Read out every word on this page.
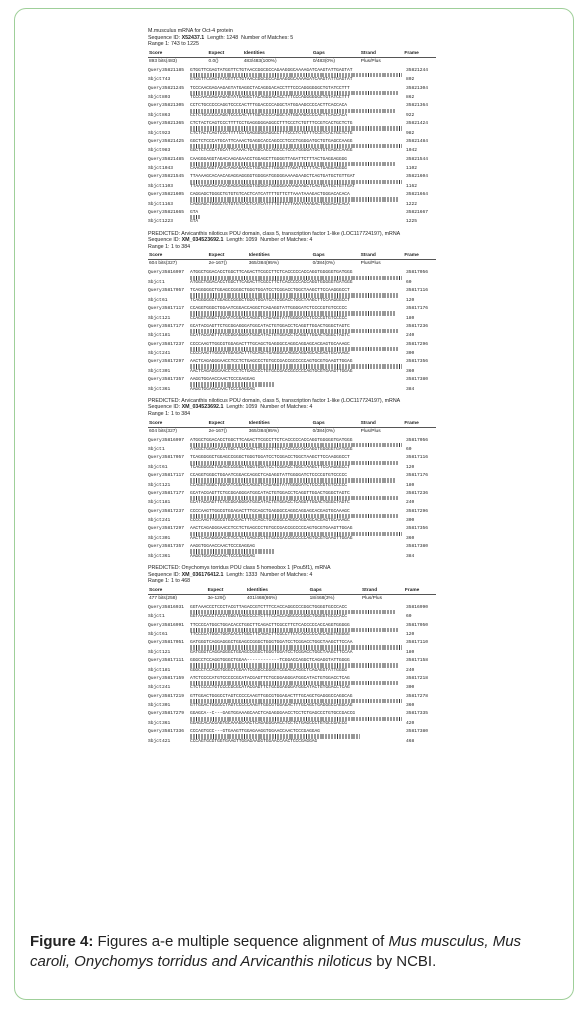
M.musculus mRNA for Oct-4 protein
Sequence ID: X52437.1  Length: 1248  Number of Matches: 5
Range 1: 743 to 1225
Score	Expect	Identities	Gaps	Strand	Frame
893 bits(483)	0.0()	483/483(100%)	0/483(0%)	Plus/Plus	
Query 35821185	GTGGTTCGAGTATGGTTCTGTAACCGGCGCCAGAAGGGCAAAAGATCAAGTATTGAGTAT	35821244
Sbjct 743	GTGGTTCGAGTATGGTTCTGTAACCGGCGCCAGAAGGGCAAAAGATCAAGTATTGAGTAT	802
Query 35821245	TCCCAACGAGAAGAGTATGAGGCTACAGGGACACCTTTCCCAGGGGGGCTGTATCCTTT	35821304
Sbjct 803	TCCCAACGAGAAGAGTATGAGGCTACAGGGACACCTTTCCCAGGGGGGCTGTATCCTTT	862
Query 35821305	CCTCTGCCCCCAGGTCCCCACTTTGGACCCCAGGCTATGGAAGCCCCACTTCACCACA	35821364
Sbjct 863	CCTCTGCCCCCAGGTCCCCACTTTGGACCCCAGGCTATGGAAGCCCCACTTCACCACA	922
Query 35821365	CTCTACTCAGTCCCTTTTCCTGAGGGGGAGGCCTTTCCCTCTGTTTCCGTCACTGCTCTG	35821424
Sbjct 923	CTCTACTCAGTCCCTTTTCCTGAGGGGGAGGCCTTTCCCTCTGTTTCCGTCACTGCTCTG	982
Query 35821425	GGCTCTCCCATGCATTCAAACTGAGGCACCAGCCCTCCCTGGGGATGCTGTGAGCCAAGG	35821484
Sbjct 983	GGCTCTCCCATGCATTCAAACTGAGGCACCAGCCCTCCCTGGGGATGCTGTGAGCCAAGG	1042
Query 35821485	CAAGGGAGGTAGACAAGAGAACCTGGAGCTTGGGGTTAGATTCTTTACTGAGGAGGGG	35821544
Sbjct 1043	CAAGGGAGGTAGACAAGAGAACCTGGAGCTTGGGGTTAGATTCTTTACTGAGGAGGGG	1102
Query 35821545	TTAAAAGCACAACAGAGGAGGGGTGGGGATGGGGGAAAAGAAGCTCAGTGATGCTGTTGAT	35821604
Sbjct 1103	TTAAAAGCACAACAGAGGAGGGGTGGGGATGGGGGAAAAGAAGCTCAGTGATGCTGTTGAT	1162
Query 35821605	CAGGAGCTGGGCTGTGTGTCACTCATCATTTTGTTCTTAAATAAAGACTGGGACACACA	35821664
Sbjct 1163	CAGGAGCTGGGCTGTGTGTCACTCATCATTTTGTTCTTAAATAAAGACTGGGACACACA	1222
Query 35821665	GTA	35821667
Sbjct 1223	GTA	1225
PREDICTED: Arvicanthis niloticus POU domain, class 5, transcription factor 1-like (LOC117724197), mRNA
Sequence ID: XM_034523692.1  Length: 1059  Number of Matches: 4
Range 1: 1 to 384
Score	Expect	Identities	Gaps	Strand	Frame
604 bits(327)	2e-167()	365/384(95%)	0/384(0%)	Plus/Plus	
Query 35816997	ATGGCTGGACACCTGGCTTCAGACTTCGCCTTCTCACCCCCACCAGGTGGGGGTGATGGG	35817056
Sbjct 1	ATGGCTGGACACCTGGCTTCAGACTTCGCCTTCTCACCCCCACCAGGTGGGGGTGATGGG	60
Query 35817057	TCAGGGGGCTGGAGCCGGGCTGGGTGGATCCTCGGACCTGGCTAAGCTTCCAAGGGCCT	35817116
Sbjct 61	TCAGGGGGCTGGAGCCGGGCTGGGTGGATCCTCGGACCTGGCTAAGCTTCCAAGGGCCT	120
Query 35817117	CCAGGTGGGCTGGAATCGGACCAGGCTCAGAGGTATTGGGGATCTCCCCGTGTCCCCC	35817176
Sbjct 121	CCAGGTGGGCTGGAATCGGACCAGGCTCAGAGGTATTGGGGATCTCCCCGTGTCCCCC	180
Query 35817177	GCATACGAGTTCTGCGGAGGGATGGCATACTGTGGACCTCAGGTTGGACTGGGCTAGTC	35817236
Sbjct 181	GCATACGAGTTCTGCGGAGGGATGGCATACTGTGGACCTCAGGTTGGACTGGGCTAGTC	240
Query 35817237	CCCCAAGTTGGCGTGGAGACTTTGCAGCTGAGGGCCAGGCAGGAGCACGAGTGCAAAGC	35817296
Sbjct 241	CCCCAAGTTGGCGTGGAGACTTTGCAGCTGAGGGCCAGGCAGGAGCACGAGTGCAAAGC	300
Query 35817297	AACTCAGAGGGAACCTCCTCTGAGCCCTGTGCCGACCGCCCCCAGTGCGTGAAGTTGGAG	35817356
Sbjct 301	AACTCAGAGGGAACCTCCTCTGAGCCCTGTGCCGACCGCCCCCAGTGCGTGAAGTTGGAG	360
Query 35817357	AAGGTGGAACCAACTCCCGAGGAG	35817380
Sbjct 361	AAGGTGGAACCAACTCCCGAGGAG	384
PREDICTED: Arvicanthis niloticus POU domain, class 5, transcription factor 1-like (LOC117724197), mRNA
Sequence ID: XM_034523692.1  Length: 1059  Number of Matches: 4
Range 1: 1 to 384
Score	Expect	Identities	Gaps	Strand	Frame
604 bits(327)	2e-167()	365/384(95%)	0/384(0%)	Plus/Plus	
Query 35816997	ATGGCTGGACACCTGGCTTCAGACTTCGCCTTCTCACCCCCACCAGGTGGGGGTGATGGG	35817056
Sbjct 1	ATGGCTGGACACCTGGCTTCAGACTTCGCCTTCTCACCCCCACCAGGTGGGGGTGATGGG	60
Query 35817057	TCAGGGGGCTGGAGCCGGGCTGGGTGGATCCTCGGACCTGGCTAAGCTTCCAAGGGCCT	35817116
Sbjct 61	TCAGGGGGCTGGAGCCGGGCTGGGTGGATCCTCGGACCTGGCTAAGCTTCCAAGGGCCT	120
Query 35817117	CCAGGTGGGCTGGAATCGGACCAGGCTCAGAGGTATTGGGGATCTCCCCGTGTCCCCC	35817176
Sbjct 121	CCAGGTGGGCTGGAATCGGACCAGGCTCAGAGGTATTGGGGATCTCCCCGTGTCCCCC	180
Query 35817177	GCATACGAGTTCTGCGGAGGGATGGCATACTGTGGACCTCAGGTTGGACTGGGCTAGTC	35817236
Sbjct 181	GCATACGAGTTCTGCGGAGGGATGGCATACTGTGGACCTCAGGTTGGACTGGGCTAGTC	240
Query 35817237	CCCCAAGTTGGCGTGGAGACTTTGCAGCTGAGGGCCAGGCAGGAGCACGAGTGCAAAGC	35817296
Sbjct 241	CCCCAAGTTGGCGTGGAGACTTTGCAGCTGAGGGCCAGGCAGGAGCACGAGTGCAAAGC	300
Query 35817297	AACTCAGAGGGAACCTCCTCTGAGCCCTGTGCCGACCGCCCCCAGTGCGTGAAGTTGGAG	35817356
Sbjct 301	AACTCAGAGGGAACCTCCTCTGAGCCCTGTGCCGACCGCCCCCAGTGCGTGAAGTTGGAG	360
Query 35817357	AAGGTGGAACCAACTCCCGAGGAG	35817380
Sbjct 361	AAGGTGGAACCAACTCCCGAGGAG	384
PREDICTED: Onychomys torridus POU class 5 homeobox 1 (Pou5f1), mRNA
Sequence ID: XM_036176412.1  Length: 1333  Number of Matches: 4
Range 1: 1 to 468
Score	Expect	Identities	Gaps	Strand	Frame
477 bits(258)	3e-129()	401/468(86%)	18/468(3%)	Plus/Plus	
Query 35816931	GGTAAACCCTCCCTACGTTAGACCGTCTTTCCACCAGGCCCCGGCTGGGGTGCCCACC	35816990
Sbjct 1	GGTAAACCCTCCCTGGGTGAGCCCCTCTTTCCACCAGGCCCCGGCTGGGGTGCCCACC	60
Query 35816991	TTCCCCATGGCTGGACACCTGGCTTCAGACTTCGCCTTCTCACCCCCACCAGGTGGGGG	35817050
Sbjct 61	TTCCCCATGGCTGGACACCTGGCTTCAGACTTCGCCTTCTCACCCCCACCAGGTGGGGG	120
Query 35817051	GATGGGTCAGGAGGGCTGGAGCCGGGCTGGGTGGATCCTCGGACCTGGCTAAGCTTCCAA	35817110
Sbjct 121	GATGGGTCAGGAGGGCTGGAGCCGGGCTGGGTGGATCCTCGGACCTGGCTAAGCTTCCAA	180
Query 35817111	GGGCCTCCAGGTGGGCTGGAA------------TCGGACCAGGCTCAGAGGTATTGGGG	35817158
Sbjct 181	GGGCCTCCAGGTGGGCTGGAATCGGGCCGGGGTCGGACCAGGCTCAGAGGTATTGGGG	240
Query 35817159	ATCTCCCCATGTCCCCCGCATACGAGTTCTGCGGAGGGATGGCATACTGTGGACCTCAG	35817218
Sbjct 241	CTCTCCCCTGTCCCCGCGCATACGAGTTCTGCGGAGGGATGGCATACTGTGGACCTCAG	300
Query 35817219	GTTGGACTGGGCCTAGTCCCCCAAGTTGGCGTGGAGACTTTGCAGCTGAGGGCCAGGCAG	35817278
Sbjct 301	GTTGGACTGGGCCTAGTCCCCCAAGTTGGCGTGGAGACTTTGCAGCTGAGGGCCAGGCAG	360
Query 35817279	GGAGCA--C---GAGTGGAAAGCAACTCAGAGGGAACCTCCTCTGAGCCCTGTGCCGACCG	35817335
Sbjct 361	GGAGCACACGAGTGCAAAGCAACTCAGAGGGAACCTCCTCTGAGCCCTGTGCCGACCG	420
Query 35817336	CCCAGTGCC---GTGAAGTTGGAGAAGGTGGAACCAACTCCCGAGGAG	35817380
Sbjct 421	CCCAGTGCGTGGTGAAGTTGGAGAAGGTGGAACCAACTCCCGAGGAG	468
Figure 4: Figures a-e multiple sequence alignment of Mus musculus, Mus caroli, Onychomys torridus and Arvicanthis niloticus by NCBI.
